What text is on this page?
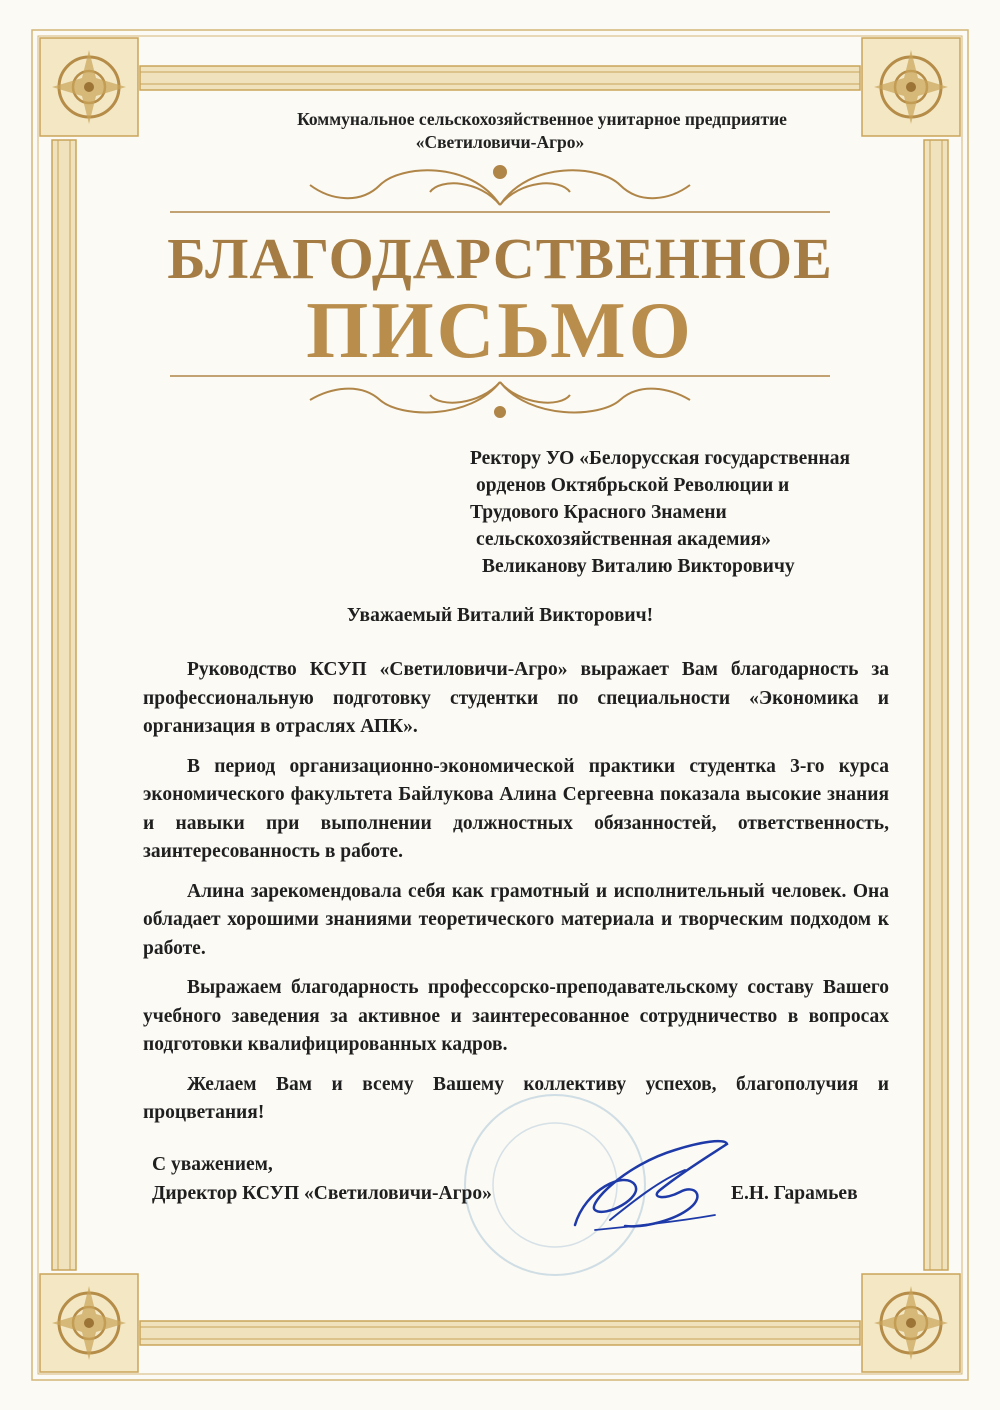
Коммунальное сельскохозяйственное унитарное предприятие
«Светиловичи-Агро»
БЛАГОДАРСТВЕННОЕ
ПИСЬМО
Ректору УО «Белорусская государственная
орденов Октябрьской Революции и
Трудового Красного Знамени
сельскохозяйственная академия»
Великанову Виталию Викторовичу
Уважаемый Виталий Викторович!

Руководство КСУП «Светиловичи-Агро» выражает Вам благодарность за профессиональную подготовку студентки по специальности «Экономика и организация в отраслях АПК».

В период организационно-экономической практики студентка 3-го курса экономического факультета Байлукова Алина Сергеевна показала высокие знания и навыки при выполнении должностных обязанностей, ответственность, заинтересованность в работе.

Алина зарекомендовала себя как грамотный и исполнительный человек. Она обладает хорошими знаниями теоретического материала и творческим подходом к работе.

Выражаем благодарность профессорско-преподавательскому составу Вашего учебного заведения за активное и заинтересованное сотрудничество в вопросах подготовки квалифицированных кадров.

Желаем Вам и всему Вашему коллективу успехов, благополучия и процветания!

С уважением,
Директор КСУП «Светиловичи-Агро»	Е.Н. Гарамьев
